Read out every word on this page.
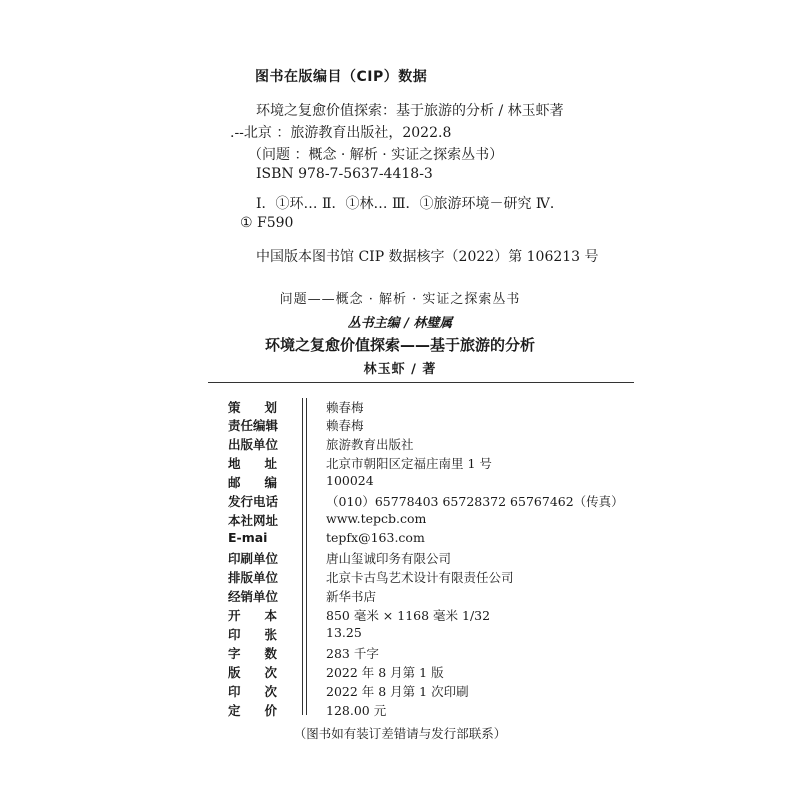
图书在版编目（CIP）数据
环境之复愈价值探索：基于旅游的分析 / 林玉虾著
.--北京 ：旅游教育出版社，2022.8
（问题 ：概念 · 解析 · 实证之探索丛书）
ISBN 978-7-5637-4418-3
Ⅰ．①环… Ⅱ．①林… Ⅲ．①旅游环境－研究 Ⅳ．
① F590
中国版本图书馆 CIP 数据核字（2022）第 106213 号
问题——概念 · 解析 · 实证之探索丛书
丛书主编 / 林璧属
环境之复愈价值探索——基于旅游的分析
林玉虾 / 著
策划 赖春梅
责任编辑	赖春梅
出版单位	旅游教育出版社
地址 北京市朝阳区定福庄南里 1 号
邮编 100024
发行电话	（010）65778403 65728372 65767462（传真）
本社网址	www.tepcb.com
E-mai	tepfx@163.com
印刷单位	唐山玺诚印务有限公司
排版单位	北京卡古鸟艺术设计有限责任公司
经销单位	新华书店
开本 850 毫米 × 1168 毫米 1/32
印张 13.25
字数 283 千字
版次 2022 年 8 月第 1 版
印次 2022 年 8 月第 1 次印刷
定价 128.00 元
（图书如有装订差错请与发行部联系）
